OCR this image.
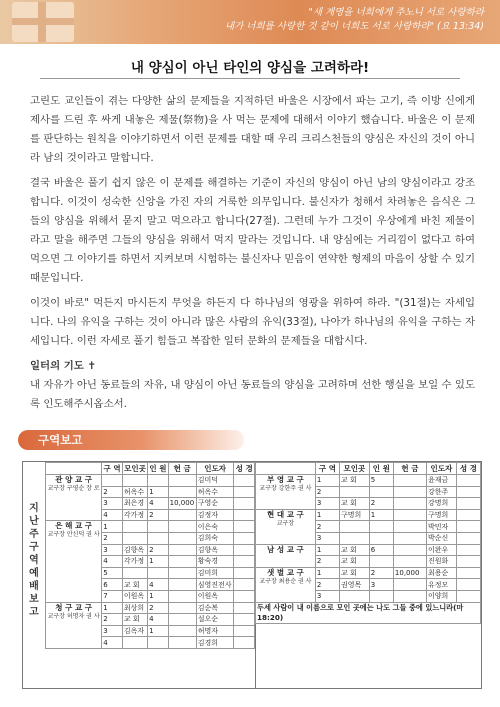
"새 계명을 너희에게 주노니 서로 사랑하라
내가 너희를 사랑한 것 같이 너희도 서로 사랑하라" (요 13:34)
내 양심이 아닌 타인의 양심을 고려하라!

고린도 교인들이 겪는 다양한 삶의 문제들을 지적하던 바울은 시장에서 파는 고기, 즉 이방 신에게 제사를 드린 후 싸게 내놓은 제물(祭物)을 사 먹는 문제에 대해서 이야기 했습니다. 바울은 이 문제를 판단하는 원칙을 이야기하면서 이런 문제를 대할 때 우리 크리스천들의 양심은 자신의 것이 아니라 남의 것이라고 말합니다.

결국 바울은 풀기 쉽지 않은 이 문제를 해결하는 기준이 자신의 양심이 아닌 남의 양심이라고 강조합니다. 이것이 성숙한 신앙을 가진 자의 거룩한 의무입니다. 불신자가 청해서 차려놓은 음식은 그들의 양심을 위해서 묻지 말고 먹으라고 합니다(27절). 그런데 누가 그것이 우상에게 바친 제물이라고 말을 해주면 그들의 양심을 위해서 먹지 말라는 것입니다. 내 양심에는 거리낌이 없다고 하여 먹으면 그 이야기를 하면서 지켜보며 시험하는 불신자나 믿음이 연약한 형제의 마음이 상할 수 있기 때문입니다.

이것이 바로" 먹든지 마시든지 무엇을 하든지 다 하나님의 영광을 위하여 하라. "(31절)는 자세입니다. 나의 유익을 구하는 것이 아니라 많은 사람의 유익(33절), 나아가 하나님의 유익을 구하는 자세입니다. 이런 자세로 풀기 힘들고 복잡한 일터 문화의 문제들을 대합시다.

일터의 기도 ✝
내 자유가 아닌 동료들의 자유, 내 양심이 아닌 동료들의 양심을 고려하며 선한 행실을 보일 수 있도록 인도해주시옵소서.
구역보고
지난주 구역예배보고
	구 역	모인곳	인 원	헌 금	인도자	성 경

관 양 교 구
교구장 구영순 장 로					김미덕	
	2	허옥수	1		허옥수	
	3	최은경	4	10,000	구영순	
	4	각가정	2		김정자	

은 해 교 구
교구장 안신덕 권 사	1				이은숙	
	2				김희숙	
	3	김향옥	2		김향옥	
	4	각가정	1		황숙경	
	5				김미희	
	6	교 회	4		심영진전사	
	7	이원옥	1		이원옥	

청 구 교 구
교구장 허명자 권 사	1	최상희	2		김순복	
	2	교 회	4		설오순	
	3	김옥자	1		허명자	
	4				김경희	
	구 역	모인곳	인 원	헌 금	인도자	성 경

부 영 교 구
교구장 강한주 권 사	1	교 회	5		윤재금	
	2				강한주	
	3	교 회	2		강명희	

현 대 교 구
교구장	1	구명희	1		구명희	
	2				박민자	
	3				박순신	

남 성 교 구	1	교 회	6		이완우	
	2	교 회			진원화	

샛 별 교 구
교구장 최용순 권 사	1	교 회	2	10,000	최용순	
	2	권영목	3		유정모	
	3				이양희	
두세 사람이 내 이름으로 모인 곳에는 나도 그들 중에 있느니라(마 18:20)						
